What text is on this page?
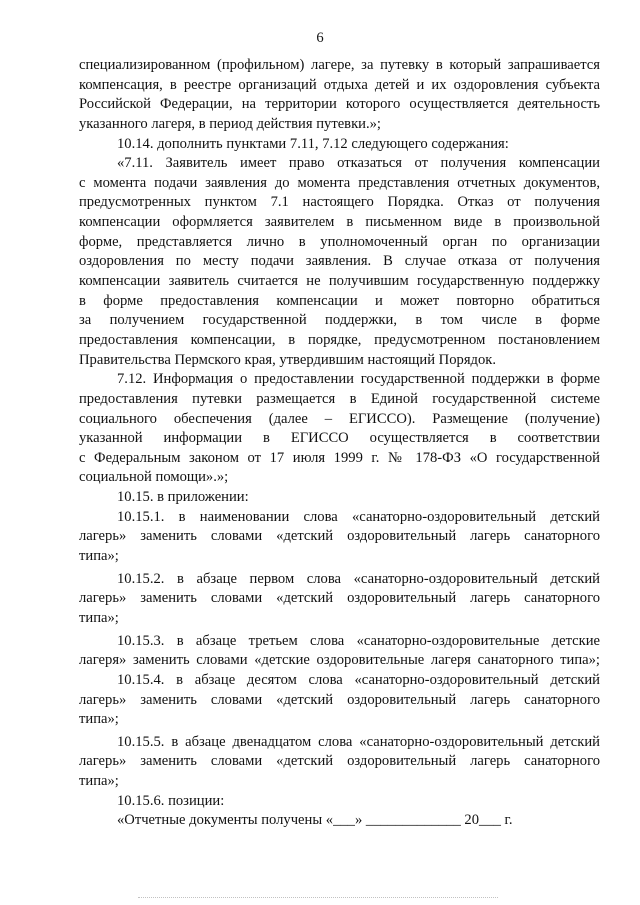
6
специализированном (профильном) лагере, за путевку в который запрашивается
компенсация, в реестре организаций отдыха детей и их оздоровления субъекта
Российской Федерации, на территории которого осуществляется деятельность
указанного лагеря, в период действия путевки.»;
10.14. дополнить пунктами 7.11, 7.12 следующего содержания:
«7.11. Заявитель имеет право отказаться от получения компенсации
с момента подачи заявления до момента представления отчетных документов,
предусмотренных пунктом 7.1 настоящего Порядка. Отказ от получения
компенсации оформляется заявителем в письменном виде в произвольной
форме, представляется лично в уполномоченный орган по организации
оздоровления по месту подачи заявления. В случае отказа от получения
компенсации заявитель считается не получившим государственную поддержку
в форме предоставления компенсации и может повторно обратиться
за получением государственной поддержки, в том числе в форме
предоставления компенсации, в порядке, предусмотренном постановлением
Правительства Пермского края, утвердившим настоящий Порядок.
7.12. Информация о предоставлении государственной поддержки в форме
предоставления путевки размещается в Единой государственной системе
социального обеспечения (далее – ЕГИССО). Размещение (получение)
указанной информации в ЕГИССО осуществляется в соответствии
с Федеральным законом от 17 июля 1999 г. № 178-ФЗ «О государственной
социальной помощи».»;
10.15. в приложении:
10.15.1. в наименовании слова «санаторно-оздоровительный детский
лагерь» заменить словами «детский оздоровительный лагерь санаторного
типа»;
10.15.2. в абзаце первом слова «санаторно-оздоровительный детский
лагерь» заменить словами «детский оздоровительный лагерь санаторного
типа»;
10.15.3. в абзаце третьем слова «санаторно-оздоровительные детские
лагеря» заменить словами «детские оздоровительные лагеря санаторного типа»;
10.15.4. в абзаце десятом слова «санаторно-оздоровительный детский
лагерь» заменить словами «детский оздоровительный лагерь санаторного
типа»;
10.15.5. в абзаце двенадцатом слова «санаторно-оздоровительный детский
лагерь» заменить словами «детский оздоровительный лагерь санаторного
типа»;
10.15.6. позиции:
«Отчетные документы получены «___» _____________ 20___ г.
